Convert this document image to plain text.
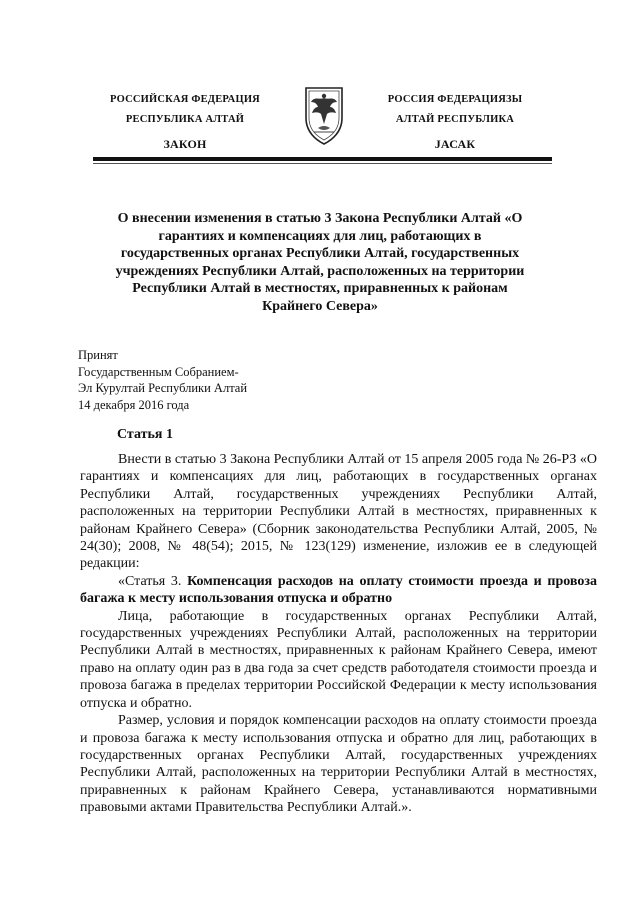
РОССИЙСКАЯ ФЕДЕРАЦИЯ
РЕСПУБЛИКА АЛТАЙ
ЗАКОН
РОССИЯ ФЕДЕРАЦИЯЗЫ
АЛТАЙ РЕСПУБЛИКА
JАСАК
О внесении изменения в статью 3 Закона Республики Алтай «О гарантиях и компенсациях для лиц, работающих в государственных органах Республики Алтай, государственных учреждениях Республики Алтай, расположенных на территории Республики Алтай в местностях, приравненных к районам Крайнего Севера»
Принят
Государственным Собранием-
Эл Курултай Республики Алтай
14 декабря 2016 года
Статья 1

Внести в статью 3 Закона Республики Алтай от 15 апреля 2005 года № 26-РЗ «О гарантиях и компенсациях для лиц, работающих в государственных органах Республики Алтай, государственных учреждениях Республики Алтай, расположенных на территории Республики Алтай в местностях, приравненных к районам Крайнего Севера» (Сборник законодательства Республики Алтай, 2005, № 24(30); 2008, № 48(54); 2015, № 123(129) изменение, изложив ее в следующей редакции:

«Статья 3. Компенсация расходов на оплату стоимости проезда и провоза багажа к месту использования отпуска и обратно

Лица, работающие в государственных органах Республики Алтай, государственных учреждениях Республики Алтай, расположенных на территории Республики Алтай в местностях, приравненных к районам Крайнего Севера, имеют право на оплату один раз в два года за счет средств работодателя стоимости проезда и провоза багажа в пределах территории Российской Федерации к месту использования отпуска и обратно.

Размер, условия и порядок компенсации расходов на оплату стоимости проезда и провоза багажа к месту использования отпуска и обратно для лиц, работающих в государственных органах Республики Алтай, государственных учреждениях Республики Алтай, расположенных на территории Республики Алтай в местностях, приравненных к районам Крайнего Севера, устанавливаются нормативными правовыми актами Правительства Республики Алтай.».
